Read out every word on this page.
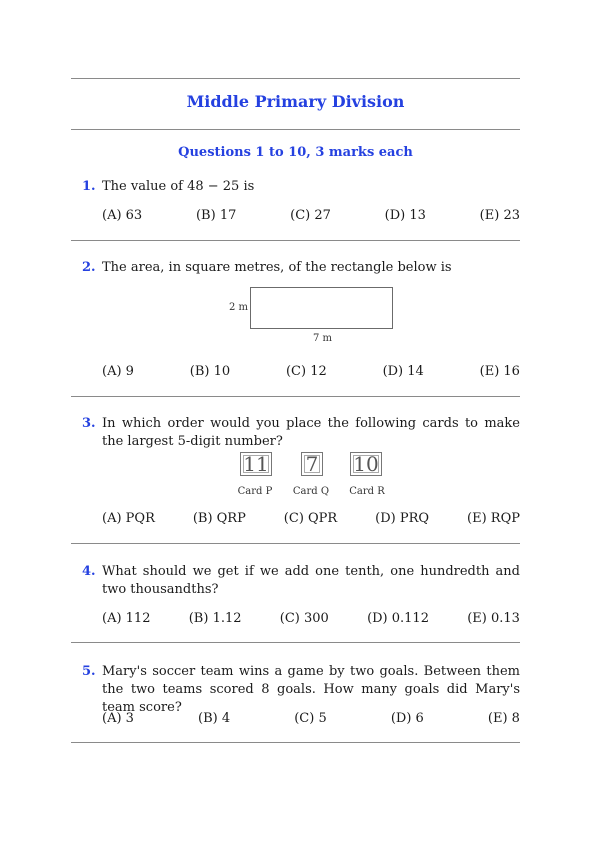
Middle Primary Division
Questions 1 to 10, 3 marks each
1. The value of 48 − 25 is
(A) 63	(B) 17	(C) 27	(D) 13	(E) 23
2. The area, in square metres, of the rectangle below is
2 m
7 m
(A) 9	(B) 10	(C) 12	(D) 14	(E) 16
3. In which order would you place the following cards to make the largest 5-digit number?
11 7 10
Card P	Card Q	Card R
(A) PQR	(B) QRP	(C) QPR	(D) PRQ	(E) RQP
4. What should we get if we add one tenth, one hundredth and two thousandths?
(A) 112	(B) 1.12	(C) 300	(D) 0.112	(E) 0.13
5. Mary's soccer team wins a game by two goals. Between them the two teams scored 8 goals. How many goals did Mary's team score?
(A) 3	(B) 4	(C) 5	(D) 6	(E) 8
